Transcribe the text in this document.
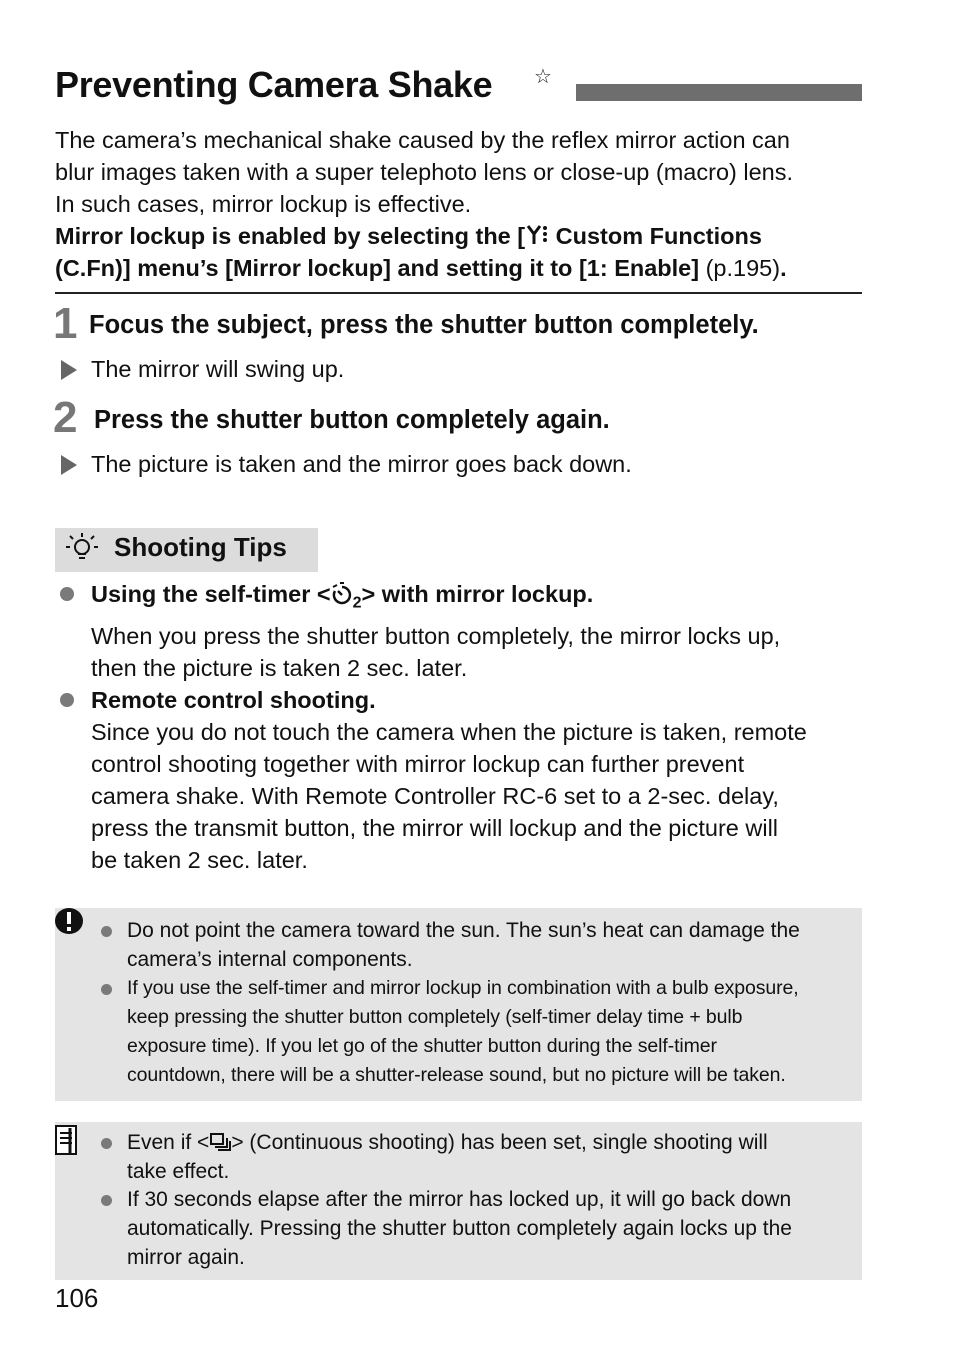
Preventing Camera Shake ☆

The camera’s mechanical shake caused by the reflex mirror action can

blur images taken with a super telephoto lens or close-up (macro) lens.

In such cases, mirror lockup is effective.

Mirror lockup is enabled by selecting the [ Custom Functions

(C.Fn)] menu’s [Mirror lockup] and setting it to [1: Enable] (p.195).

1 Focus the subject, press the shutter button completely.
The mirror will swing up.
2 Press the shutter button completely again.
The picture is taken and the mirror goes back down.
Shooting Tips
Using the self-timer < $_2$> with mirror lockup.
When you press the shutter button completely, the mirror locks up,
then the picture is taken 2 sec. later.
Remote control shooting.
Since you do not touch the camera when the picture is taken, remote
control shooting together with mirror lockup can further prevent
camera shake. With Remote Controller RC-6 set to a 2-sec. delay,
press the transmit button, the mirror will lockup and the picture will
be taken 2 sec. later.
Do not point the camera toward the sun. The sun’s heat can damage the
camera’s internal components.
If you use the self-timer and mirror lockup in combination with a bulb exposure,
keep pressing the shutter button completely (self-timer delay time + bulb
exposure time). If you let go of the shutter button during the self-timer
countdown, there will be a shutter-release sound, but no picture will be taken.
Even if < > (Continuous shooting) has been set, single shooting will
take effect.
If 30 seconds elapse after the mirror has locked up, it will go back down
automatically. Pressing the shutter button completely again locks up the
mirror again.
106
